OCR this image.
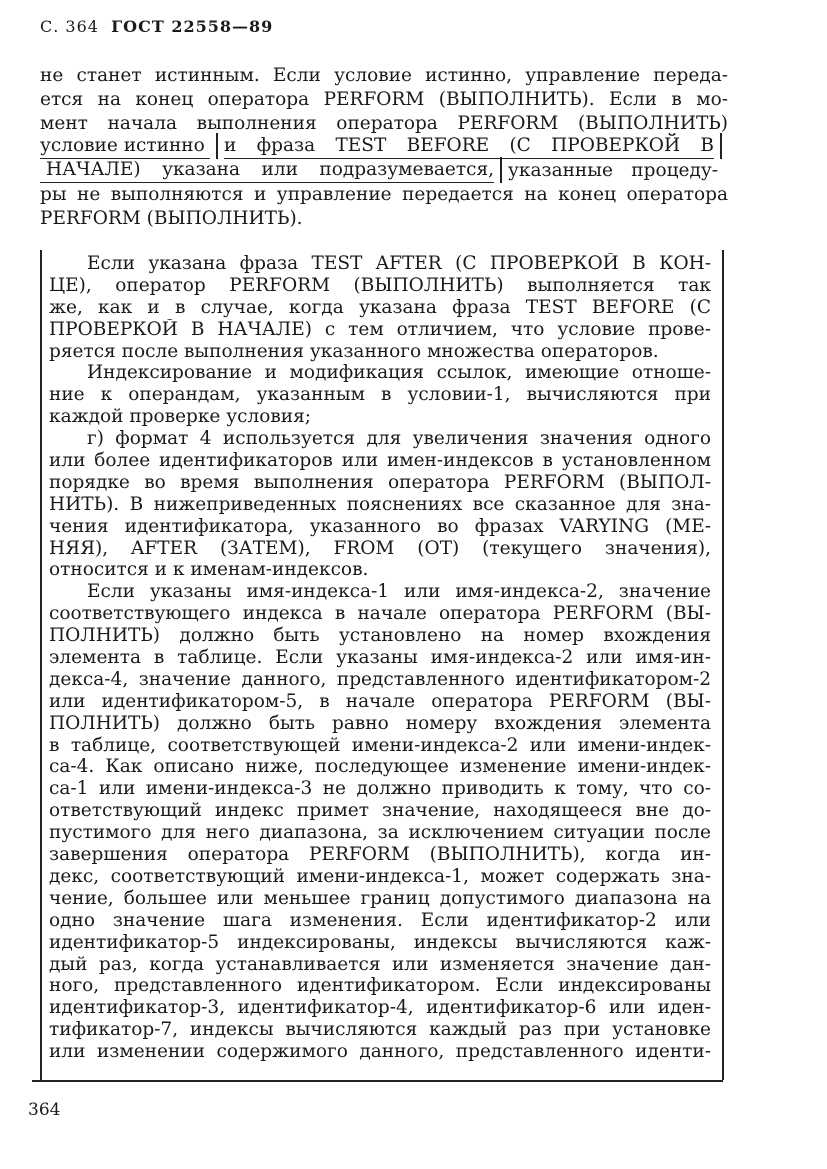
С. 364 ГОСТ 22558—89
не станет истинным. Если условие истинно, управление переда-
ется на конец оператора PERFORM (ВЫПОЛНИТЬ). Если в мо-
мент начала выполнения оператора PERFORM (ВЫПОЛНИТЬ)
условие истинно и фраза TEST BEFORE (С ПРОВЕРКОЙ В
НАЧАЛЕ) указана или подразумевается, указанные процеду-
ры не выполняются и управление передается на конец оператора
PERFORM (ВЫПОЛНИТЬ).
Если указана фраза TEST AFTER (С ПРОВЕРКОЙ В КОН-
ЦЕ), оператор PERFORM (ВЫПОЛНИТЬ) выполняется так
же, как и в случае, когда указана фраза TEST BEFORE (С
ПРОВЕРКОЙ В НАЧАЛЕ) с тем отличием, что условие прове-
ряется после выполнения указанного множества операторов.
Индексирование и модификация ссылок, имеющие отноше-
ние к операндам, указанным в условии-1, вычисляются при
каждой проверке условия;
г) формат 4 используется для увеличения значения одного
или более идентификаторов или имен-индексов в установленном
порядке во время выполнения оператора PERFORM (ВЫПОЛ-
НИТЬ). В нижеприведенных пояснениях все сказанное для зна-
чения идентификатора, указанного во фразах VARYING (МЕ-
НЯЯ), AFTER (ЗАТЕМ), FROM (ОТ) (текущего значения),
относится и к именам-индексов.
Если указаны имя-индекса-1 или имя-индекса-2, значение
соответствующего индекса в начале оператора PERFORM (ВЫ-
ПОЛНИТЬ) должно быть установлено на номер вхождения
элемента в таблице. Если указаны имя-индекса-2 или имя-ин-
декса-4, значение данного, представленного идентификатором-2
или идентификатором-5, в начале оператора PERFORM (ВЫ-
ПОЛНИТЬ) должно быть равно номеру вхождения элемента
в таблице, соответствующей имени-индекса-2 или имени-индек-
са-4. Как описано ниже, последующее изменение имени-индек-
са-1 или имени-индекса-3 не должно приводить к тому, что со-
ответствующий индекс примет значение, находящееся вне до-
пустимого для него диапазона, за исключением ситуации после
завершения оператора PERFORM (ВЫПОЛНИТЬ), когда ин-
декс, соответствующий имени-индекса-1, может содержать зна-
чение, большее или меньшее границ допустимого диапазона на
одно значение шага изменения. Если идентификатор-2 или
идентификатор-5 индексированы, индексы вычисляются каж-
дый раз, когда устанавливается или изменяется значение дан-
ного, представленного идентификатором. Если индексированы
идентификатор-3, идентификатор-4, идентификатор-6 или иден-
тификатор-7, индексы вычисляются каждый раз при установке
или изменении содержимого данного, представленного иденти-
364
